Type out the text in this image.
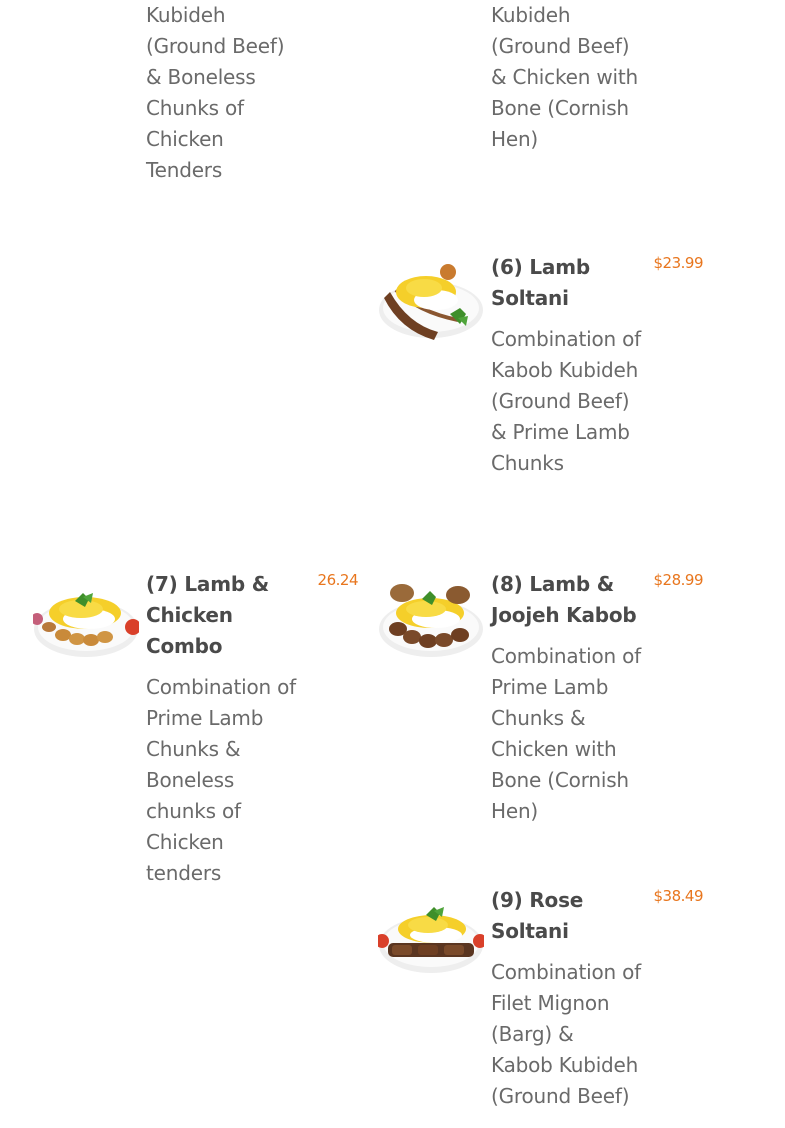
Kubideh (Ground Beef) & Boneless Chunks of Chicken Tenders

Kubideh (Ground Beef) & Chicken with Bone (Cornish Hen)

(6) Lamb Soltani

Combination of Kabob Kubideh (Ground Beef) & Prime Lamb Chunks

$23.99
(7) Lamb & Chicken Combo

Combination of Prime Lamb Chunks & Boneless chunks of Chicken tenders

26.24	(8) Lamb & Joojeh Kabob

Combination of Prime Lamb Chunks & Chicken with Bone (Cornish Hen)

$28.99
(9) Rose Soltani

Combination of Filet Mignon (Barg) & Kabob Kubideh (Ground Beef)

$38.49
